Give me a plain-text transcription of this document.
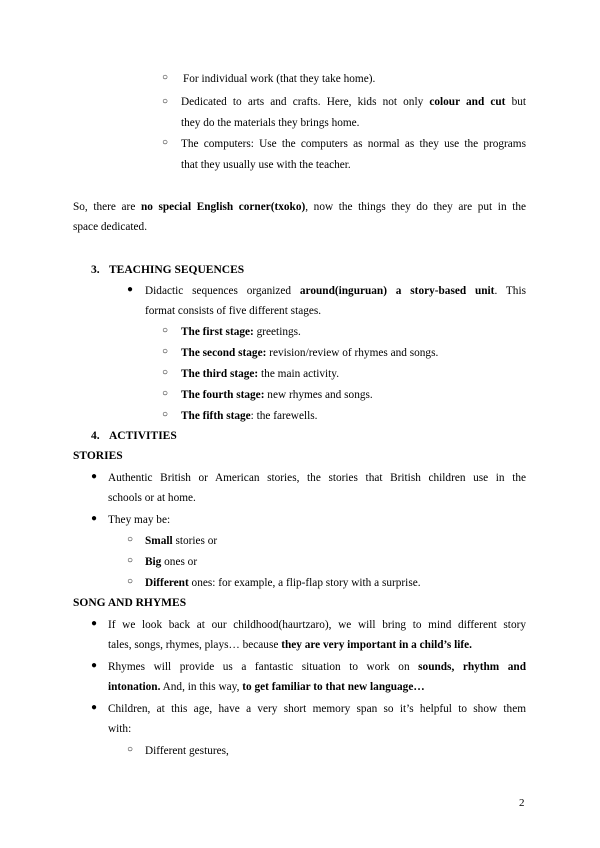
○ For individual work (that they take home).
○ Dedicated to arts and crafts. Here, kids not only colour and cut but
they do the materials they brings home.
○ The computers: Use the computers as normal as they use the programs
that they usually use with the teacher.
So, there are no special English corner(txoko), now the things they do they are put in the
space dedicated.
3. TEACHING SEQUENCES
● Didactic sequences organized around(inguruan) a story-based unit. This
format consists of five different stages.
○ The first stage: greetings.
○ The second stage: revision/review of rhymes and songs.
○ The third stage: the main activity.
○ The fourth stage: new rhymes and songs.
○ The fifth stage: the farewells.
4. ACTIVITIES
STORIES
● Authentic British or American stories, the stories that British children use in the
schools or at home.
● They may be:
○ Small stories or
○ Big ones or
○ Different ones: for example, a flip-flap story with a surprise.
SONG AND RHYMES
● If we look back at our childhood(haurtzaro), we will bring to mind different story
tales, songs, rhymes, plays… because they are very important in a child’s life.
● Rhymes will provide us a fantastic situation to work on sounds, rhythm and
intonation. And, in this way, to get familiar to that new language…
● Children, at this age, have a very short memory span so it’s helpful to show them
with:
○ Different gestures,
2
